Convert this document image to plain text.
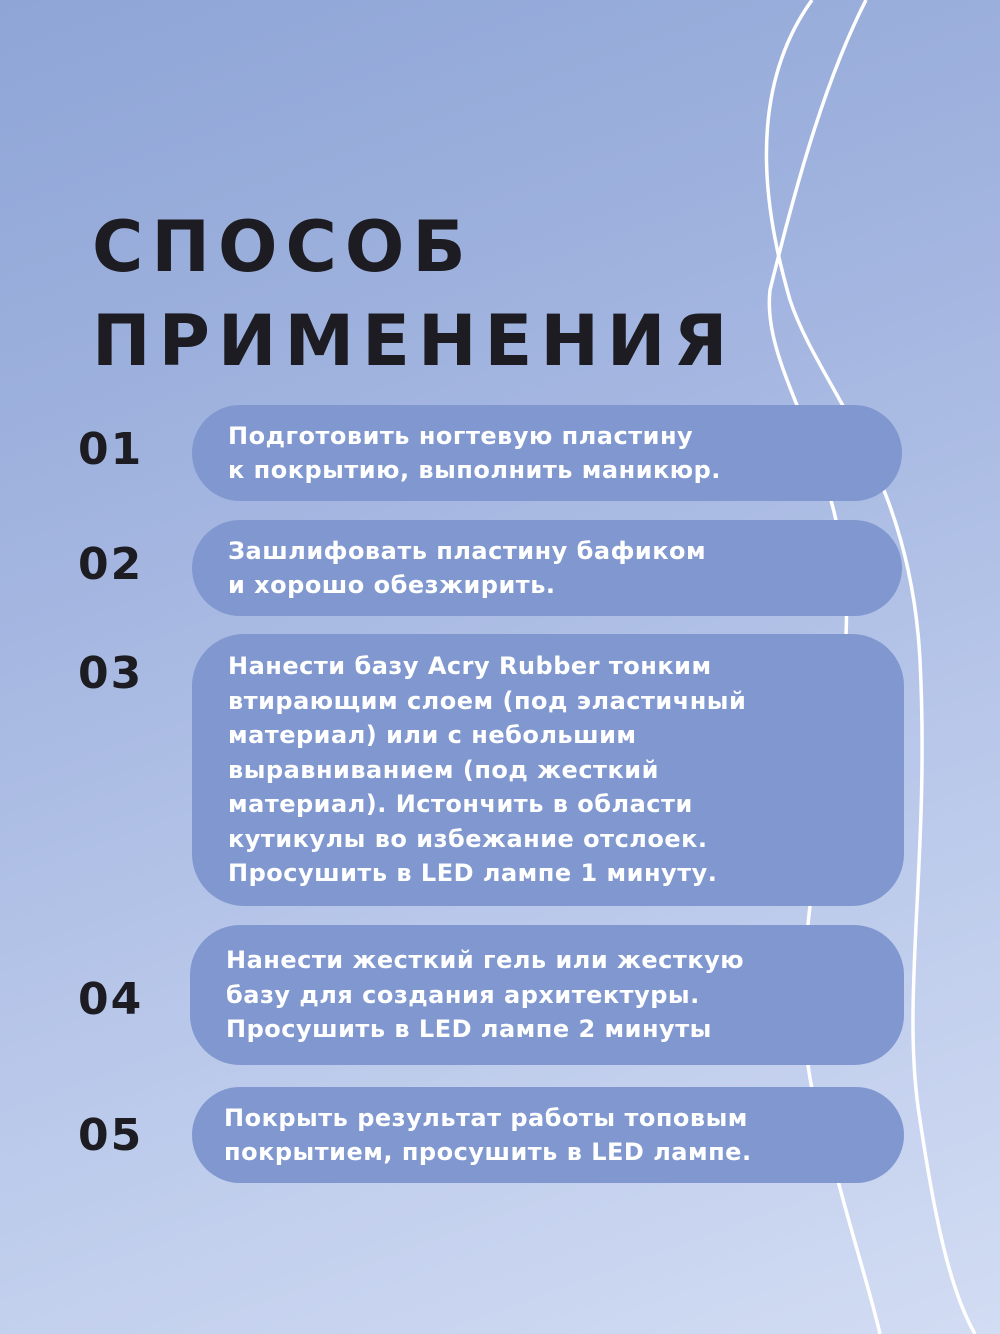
СПОСОБ
ПРИМЕНЕНИЯ
01	Подготовить ногтевую пластину
к покрытию, выполнить маникюр.
02	Зашлифовать пластину бафиком
и хорошо обезжирить.
03	Нанести базу Acry Rubber тонким
втирающим слоем (под эластичный
материал) или с небольшим
выравниванием (под жесткий
материал). Истончить в области
кутикулы во избежание отслоек.
Просушить в LED лампе 1 минуту.
04
Нанести жесткий гель или жесткую
базу для создания архитектуры.
Просушить в LED лампе 2 минуты
05	Покрыть результат работы топовым
покрытием, просушить в LED лампе.
